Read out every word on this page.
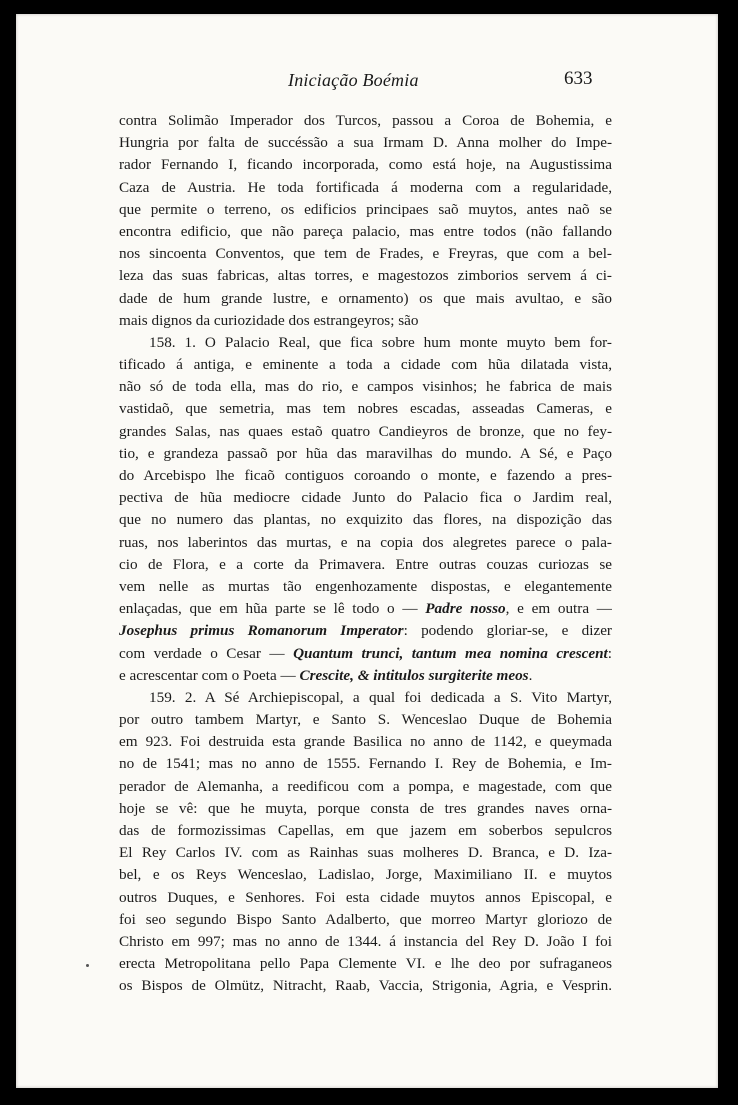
Iniciação Boémia	633
contra Solimão Imperador dos Turcos, passou a Coroa de Bohemia, e
Hungria por falta de succéssão a sua Irmam D. Anna molher do Impe-
rador Fernando I, ficando incorporada, como está hoje, na Augustissima
Caza de Austria. He toda fortificada á moderna com a regularidade,
que permite o terreno, os edificios principaes saõ muytos, antes naõ se
encontra edificio, que não pareça palacio, mas entre todos (não fallando
nos sincoenta Conventos, que tem de Frades, e Freyras, que com a bel-
leza das suas fabricas, altas torres, e magestozos zimborios servem á ci-
dade de hum grande lustre, e ornamento) os que mais avultao, e são
mais dignos da curiozidade dos estrangeyros; são
158. 1. O Palacio Real, que fica sobre hum monte muyto bem for-
tificado á antiga, e eminente a toda a cidade com hũa dilatada vista,
não só de toda ella, mas do rio, e campos visinhos; he fabrica de mais
vastidaõ, que semetria, mas tem nobres escadas, asseadas Cameras, e
grandes Salas, nas quaes estaõ quatro Candieyros de bronze, que no fey-
tio, e grandeza passaõ por hũa das maravilhas do mundo. A Sé, e Paço
do Arcebispo lhe ficaõ contiguos coroando o monte, e fazendo a pres-
pectiva de hũa mediocre cidade Junto do Palacio fica o Jardim real,
que no numero das plantas, no exquizito das flores, na dispozição das
ruas, nos laberintos das murtas, e na copia dos alegretes parece o pala-
cio de Flora, e a corte da Primavera. Entre outras couzas curiozas se
vem nelle as murtas tão engenhozamente dispostas, e elegantemente
enlaçadas, que em hũa parte se lê todo o — Padre nosso, e em outra —
Josephus primus Romanorum Imperator: podendo gloriar-se, e dizer
com verdade o Cesar — Quantum trunci, tantum mea nomina crescent:
e acrescentar com o Poeta — Crescite, & intitulos surgiterite meos.
159. 2. A Sé Archiepiscopal, a qual foi dedicada a S. Vito Martyr,
por outro tambem Martyr, e Santo S. Wenceslao Duque de Bohemia
em 923. Foi destruida esta grande Basilica no anno de 1142, e queymada
no de 1541; mas no anno de 1555. Fernando I. Rey de Bohemia, e Im-
perador de Alemanha, a reedificou com a pompa, e magestade, com que
hoje se vê: que he muyta, porque consta de tres grandes naves orna-
das de formozissimas Capellas, em que jazem em soberbos sepulcros
El Rey Carlos IV. com as Rainhas suas molheres D. Branca, e D. Iza-
bel, e os Reys Wenceslao, Ladislao, Jorge, Maximiliano II. e muytos
outros Duques, e Senhores. Foi esta cidade muytos annos Episcopal, e
foi seo segundo Bispo Santo Adalberto, que morreo Martyr gloriozo de
Christo em 997; mas no anno de 1344. á instancia del Rey D. João I foi
erecta Metropolitana pello Papa Clemente VI. e lhe deo por sufraganeos
os Bispos de Olmütz, Nitracht, Raab, Vaccia, Strigonia, Agria, e Vesprin.
